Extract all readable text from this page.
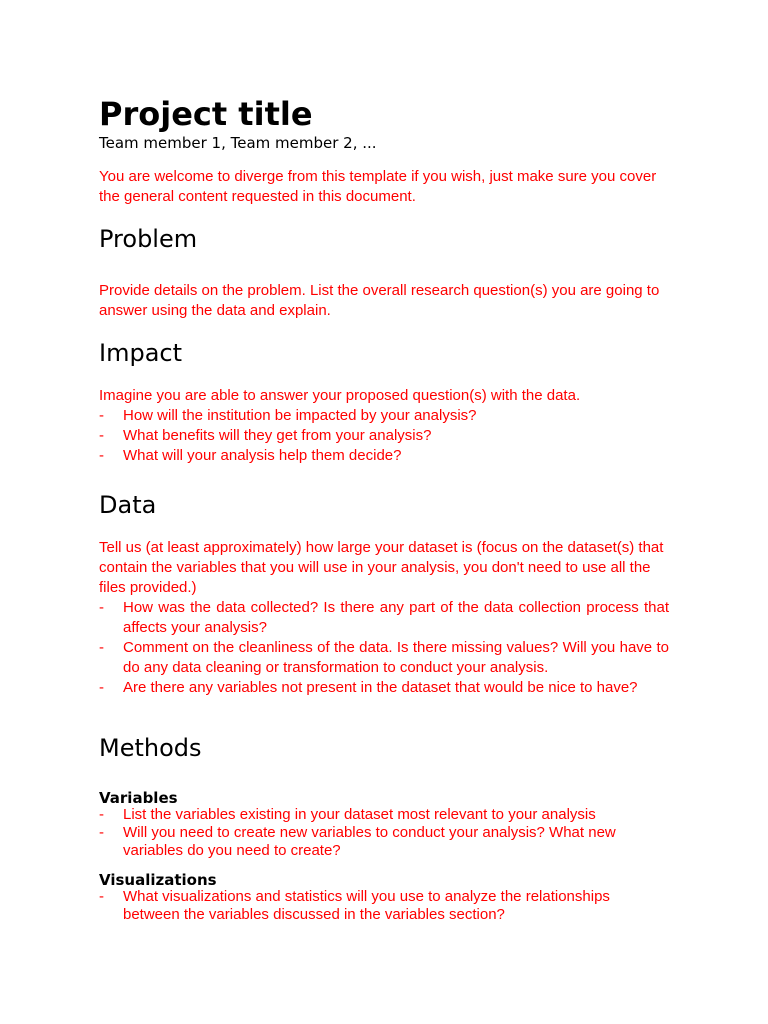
Project title
Team member 1, Team member 2, ...
You are welcome to diverge from this template if you wish, just make sure you cover the general content requested in this document.
Problem
Provide details on the problem. List the overall research question(s) you are going to answer using the data and explain.
Impact
Imagine you are able to answer your proposed question(s) with the data.
- How will the institution be impacted by your analysis?
- What benefits will they get from your analysis?
- What will your analysis help them decide?
Data
Tell us (at least approximately) how large your dataset is (focus on the dataset(s) that contain the variables that you will use in your analysis, you don't need to use all the files provided.)
- How was the data collected? Is there any part of the data collection process that affects your analysis?
- Comment on the cleanliness of the data. Is there missing values? Will you have to do any data cleaning or transformation to conduct your analysis.
- Are there any variables not present in the dataset that would be nice to have?
Methods
Variables
- List the variables existing in your dataset most relevant to your analysis
- Will you need to create new variables to conduct your analysis? What new variables do you need to create?
Visualizations
- What visualizations and statistics will you use to analyze the relationships between the variables discussed in the variables section?
